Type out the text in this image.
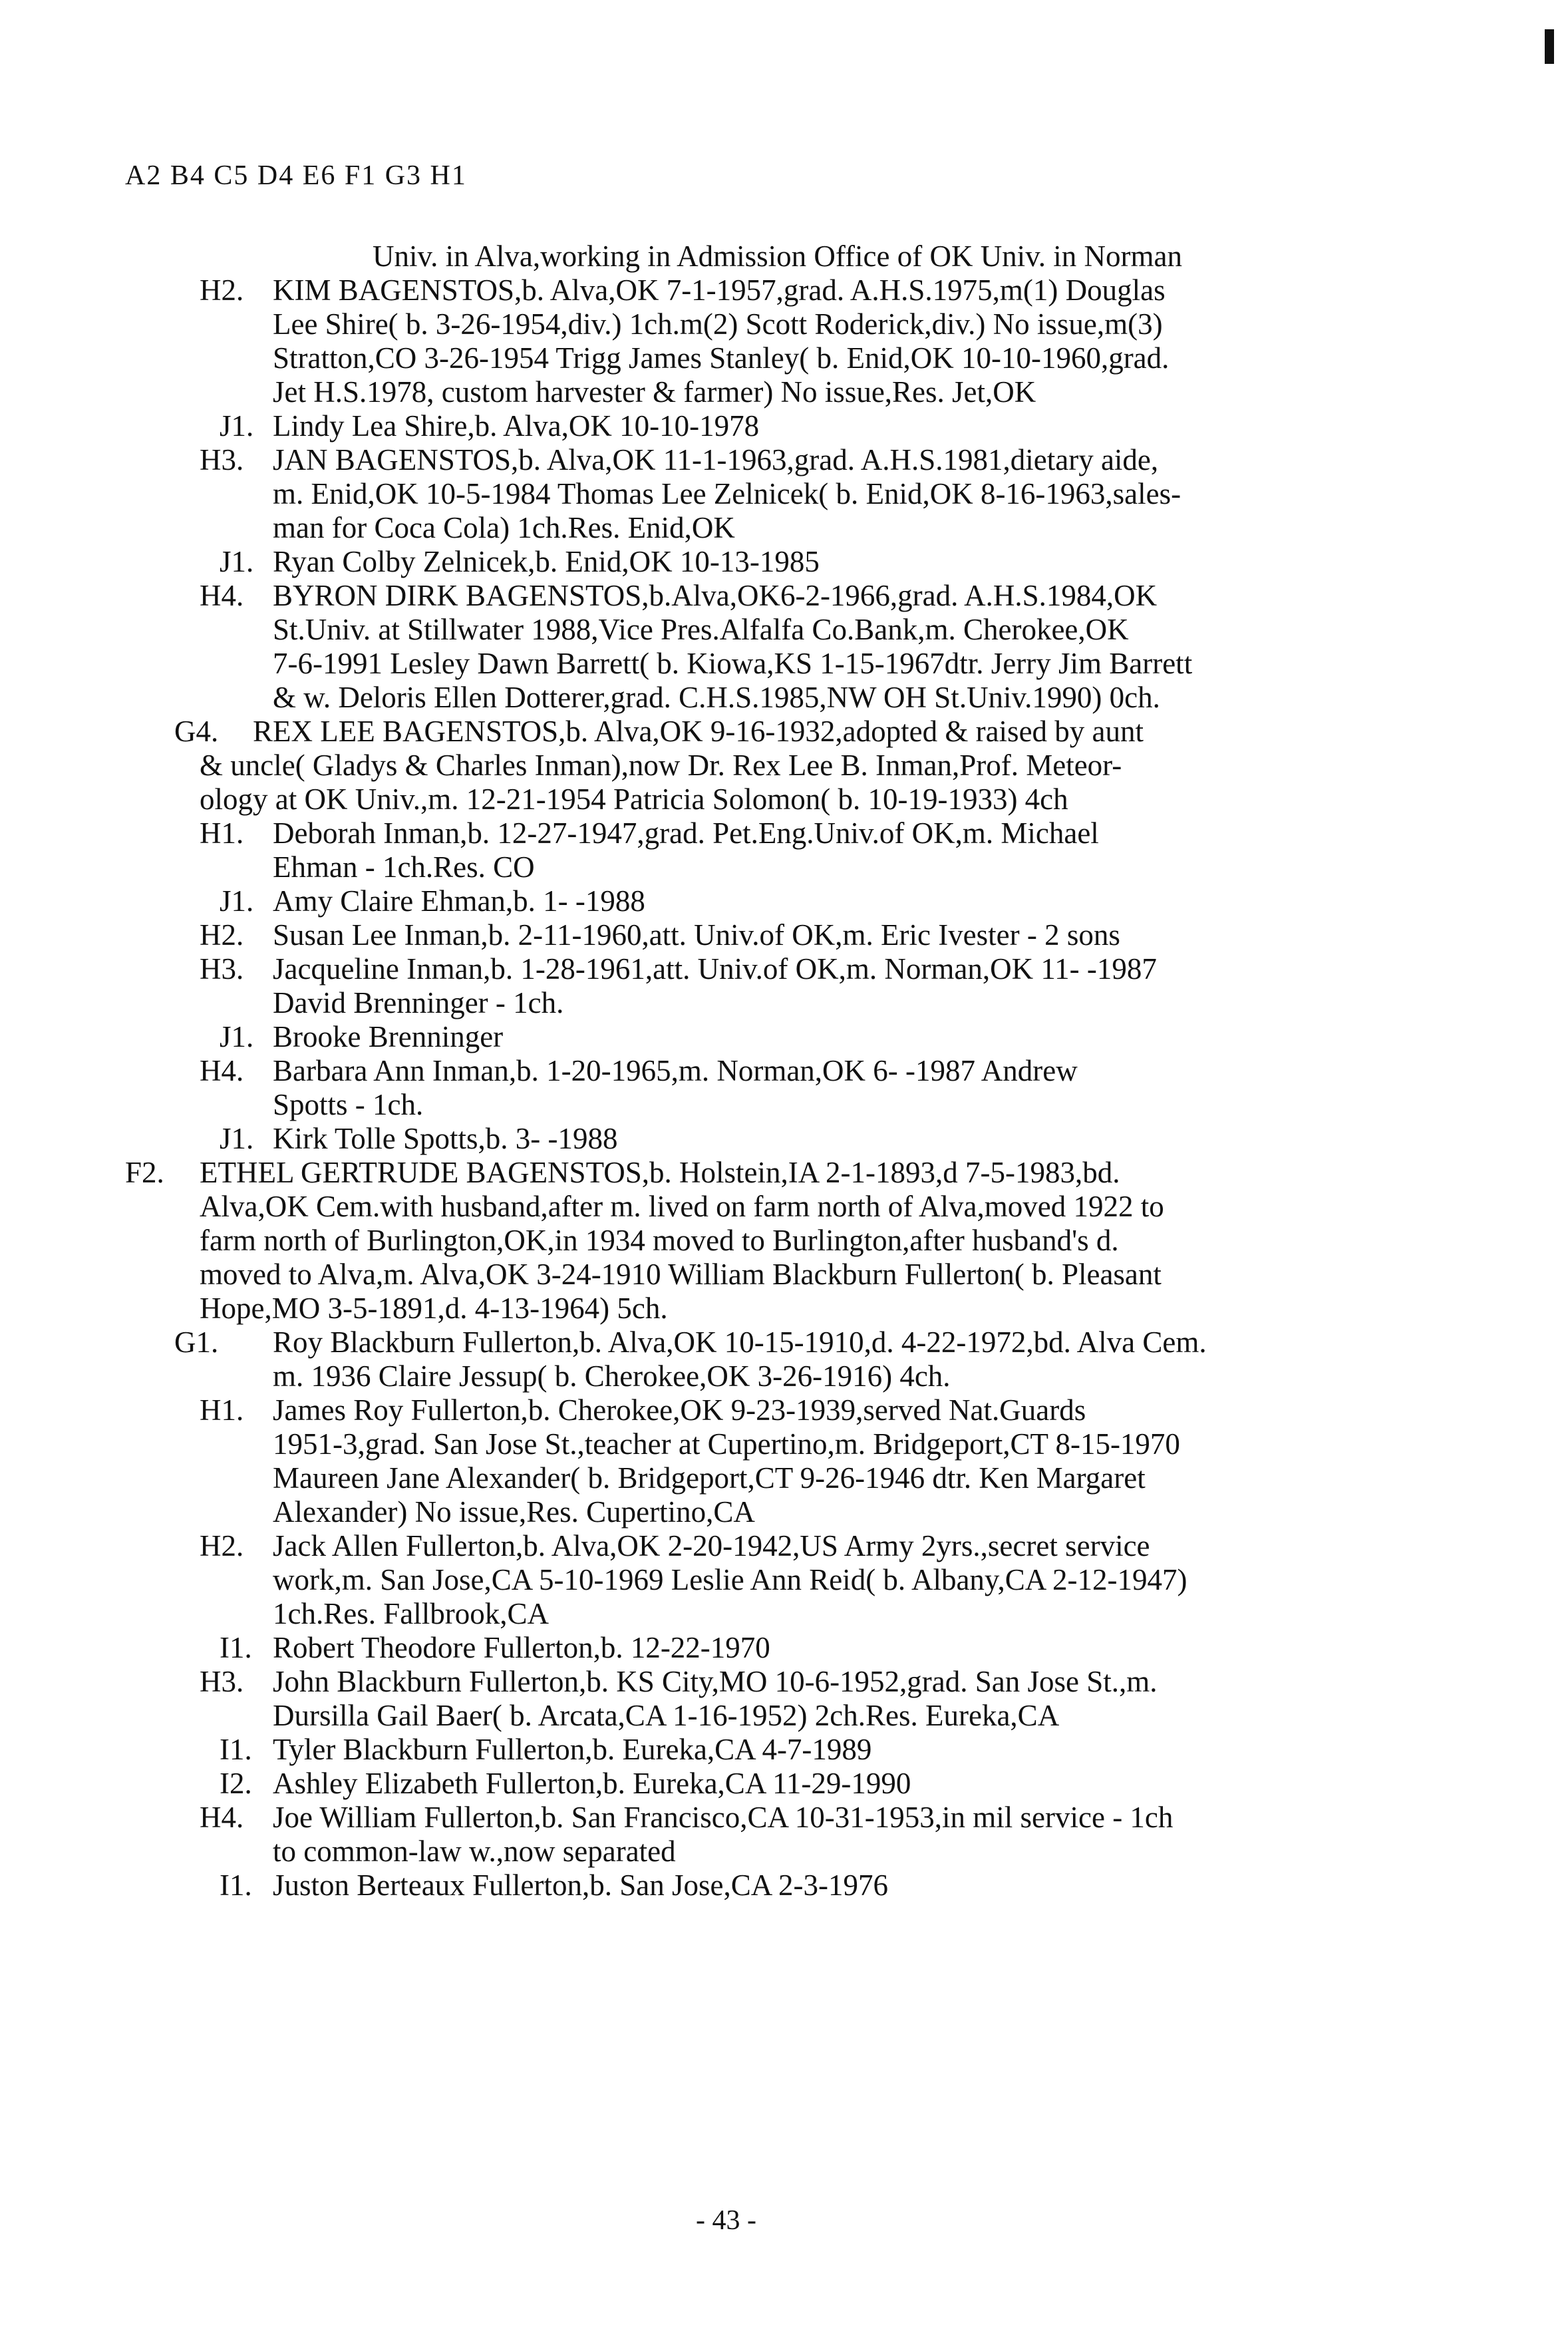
A2 B4 C5 D4 E6 F1 G3 H1
Univ. in Alva,working in Admission Office of OK Univ. in Norman
H2. KIM BAGENSTOS,b. Alva,OK 7-1-1957,grad. A.H.S.1975,m(1) Douglas
Lee Shire( b. 3-26-1954,div.) 1ch.m(2) Scott Roderick,div.) No issue,m(3)
Stratton,CO 3-26-1954 Trigg James Stanley( b. Enid,OK 10-10-1960,grad.
Jet H.S.1978, custom harvester & farmer) No issue,Res. Jet,OK
J1. Lindy Lea Shire,b. Alva,OK 10-10-1978
H3. JAN BAGENSTOS,b. Alva,OK 11-1-1963,grad. A.H.S.1981,dietary aide,
m. Enid,OK 10-5-1984 Thomas Lee Zelnicek( b. Enid,OK 8-16-1963,sales-
man for Coca Cola) 1ch.Res. Enid,OK
J1. Ryan Colby Zelnicek,b. Enid,OK 10-13-1985
H4. BYRON DIRK BAGENSTOS,b.Alva,OK6-2-1966,grad. A.H.S.1984,OK
St.Univ. at Stillwater 1988,Vice Pres.Alfalfa Co.Bank,m. Cherokee,OK
7-6-1991 Lesley Dawn Barrett( b. Kiowa,KS 1-15-1967dtr. Jerry Jim Barrett
& w. Deloris Ellen Dotterer,grad. C.H.S.1985,NW OH St.Univ.1990) 0ch.
G4. REX LEE BAGENSTOS,b. Alva,OK 9-16-1932,adopted & raised by aunt
& uncle( Gladys & Charles Inman),now Dr. Rex Lee B. Inman,Prof. Meteor-
ology at OK Univ.,m. 12-21-1954 Patricia Solomon( b. 10-19-1933) 4ch
H1. Deborah Inman,b. 12-27-1947,grad. Pet.Eng.Univ.of OK,m. Michael
Ehman - 1ch.Res. CO
J1. Amy Claire Ehman,b. 1- -1988
H2. Susan Lee Inman,b. 2-11-1960,att. Univ.of OK,m. Eric Ivester - 2 sons
H3. Jacqueline Inman,b. 1-28-1961,att. Univ.of OK,m. Norman,OK 11- -1987
David Brenninger - 1ch.
J1. Brooke Brenninger
H4. Barbara Ann Inman,b. 1-20-1965,m. Norman,OK 6- -1987 Andrew
Spotts - 1ch.
J1. Kirk Tolle Spotts,b. 3- -1988
F2. ETHEL GERTRUDE BAGENSTOS,b. Holstein,IA 2-1-1893,d 7-5-1983,bd.
Alva,OK Cem.with husband,after m. lived on farm north of Alva,moved 1922 to
farm north of Burlington,OK,in 1934 moved to Burlington,after husband's d.
moved to Alva,m. Alva,OK 3-24-1910 William Blackburn Fullerton( b. Pleasant
Hope,MO 3-5-1891,d. 4-13-1964) 5ch.
G1. Roy Blackburn Fullerton,b. Alva,OK 10-15-1910,d. 4-22-1972,bd. Alva Cem.
m. 1936 Claire Jessup( b. Cherokee,OK 3-26-1916) 4ch.
H1. James Roy Fullerton,b. Cherokee,OK 9-23-1939,served Nat.Guards
1951-3,grad. San Jose St.,teacher at Cupertino,m. Bridgeport,CT 8-15-1970
Maureen Jane Alexander( b. Bridgeport,CT 9-26-1946 dtr. Ken Margaret
Alexander) No issue,Res. Cupertino,CA
H2. Jack Allen Fullerton,b. Alva,OK 2-20-1942,US Army 2yrs.,secret service
work,m. San Jose,CA 5-10-1969 Leslie Ann Reid( b. Albany,CA 2-12-1947)
1ch.Res. Fallbrook,CA
I1. Robert Theodore Fullerton,b. 12-22-1970
H3. John Blackburn Fullerton,b. KS City,MO 10-6-1952,grad. San Jose St.,m.
Dursilla Gail Baer( b. Arcata,CA 1-16-1952) 2ch.Res. Eureka,CA
I1. Tyler Blackburn Fullerton,b. Eureka,CA 4-7-1989
I2. Ashley Elizabeth Fullerton,b. Eureka,CA 11-29-1990
H4. Joe William Fullerton,b. San Francisco,CA 10-31-1953,in mil service - 1ch
to common-law w.,now separated
I1. Juston Berteaux Fullerton,b. San Jose,CA 2-3-1976
- 43 -
